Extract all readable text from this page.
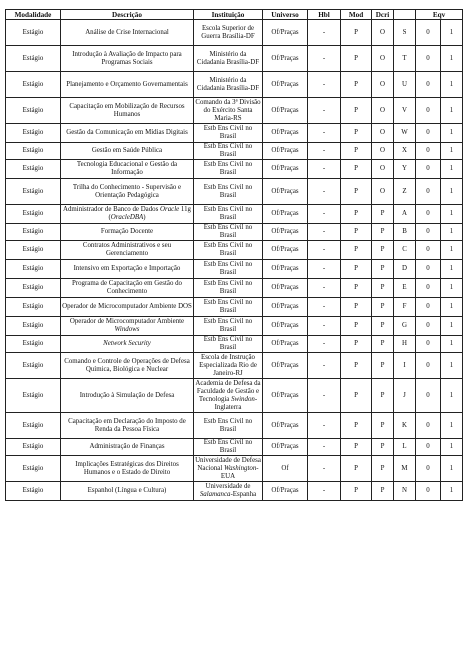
Modalidade	Descrição	Instituição	Universo	Hbl	Mod	Dcri		Eqv	
Estágio	Análise de Crise Internacional	Escola Superior de Guerra Brasília-DF	Of/Praças	-	P	O	S	0	1
Estágio	Introdução à Avaliação de Impacto para Programas Sociais	Ministério da Cidadania Brasília-DF	Of/Praças	-	P	O	T	0	1
Estágio	Planejamento e Orçamento Governamentais	Ministério da Cidadania Brasília-DF	Of/Praças	-	P	O	U	0	1
Estágio	Capacitação em Mobilização de Recursos Humanos	Comando da 3ª Divisão do Exército Santa Maria-RS	Of/Praças	-	P	O	V	0	1
Estágio	Gestão da Comunicação em Mídias Digitais	Estb Ens Civil no Brasil	Of/Praças	-	P	O	W	0	1
Estágio	Gestão em Saúde Pública	Estb Ens Civil no Brasil	Of/Praças	-	P	O	X	0	1
Estágio	Tecnologia Educacional e Gestão da Informação	Estb Ens Civil no Brasil	Of/Praças	-	P	O	Y	0	1
Estágio	Trilha do Conhecimento - Supervisão e Orientação Pedagógica	Estb Ens Civil no Brasil	Of/Praças	-	P	O	Z	0	1
Estágio	Administrador de Banco de Dados Oracle 11g (OracleDBA)	Estb Ens Civil no Brasil	Of/Praças	-	P	P	A	0	1
Estágio	Formação Docente	Estb Ens Civil no Brasil	Of/Praças	-	P	P	B	0	1
Estágio	Contratos Administrativos e seu Gerenciamento	Estb Ens Civil no Brasil	Of/Praças	-	P	P	C	0	1
Estágio	Intensivo em Exportação e Importação	Estb Ens Civil no Brasil	Of/Praças	-	P	P	D	0	1
Estágio	Programa de Capacitação em Gestão do Conhecimento	Estb Ens Civil no Brasil	Of/Praças	-	P	P	E	0	1
Estágio	Operador de Microcomputador Ambiente DOS	Estb Ens Civil no Brasil	Of/Praças	-	P	P	F	0	1
Estágio	Operador de Microcomputador Ambiente Windows	Estb Ens Civil no Brasil	Of/Praças	-	P	P	G	0	1
Estágio	Network Security	Estb Ens Civil no Brasil	Of/Praças	-	P	P	H	0	1
Estágio	Comando e Controle de Operações de Defesa Química, Biológica e Nuclear	Escola de Instrução Especializada Rio de Janeiro-RJ	Of/Praças	-	P	P	I	0	1
Estágio	Introdução à Simulação de Defesa	Academia de Defesa da Faculdade de Gestão e Tecnologia Swindon-Inglaterra	Of/Praças	-	P	P	J	0	1
Estágio	Capacitação em Declaração do Imposto de Renda da Pessoa Física	Estb Ens Civil no Brasil	Of/Praças	-	P	P	K	0	1
Estágio	Administração de Finanças	Estb Ens Civil no Brasil	Of/Praças	-	P	P	L	0	1
Estágio	Implicações Estratégicas dos Direitos Humanos e o Estado de Direito	Universidade de Defesa Nacional Washington-EUA	Of	-	P	P	M	0	1
Estágio	Espanhol (Língua e Cultura)	Universidade de Salamanca-Espanha	Of/Praças	-	P	P	N	0	1
